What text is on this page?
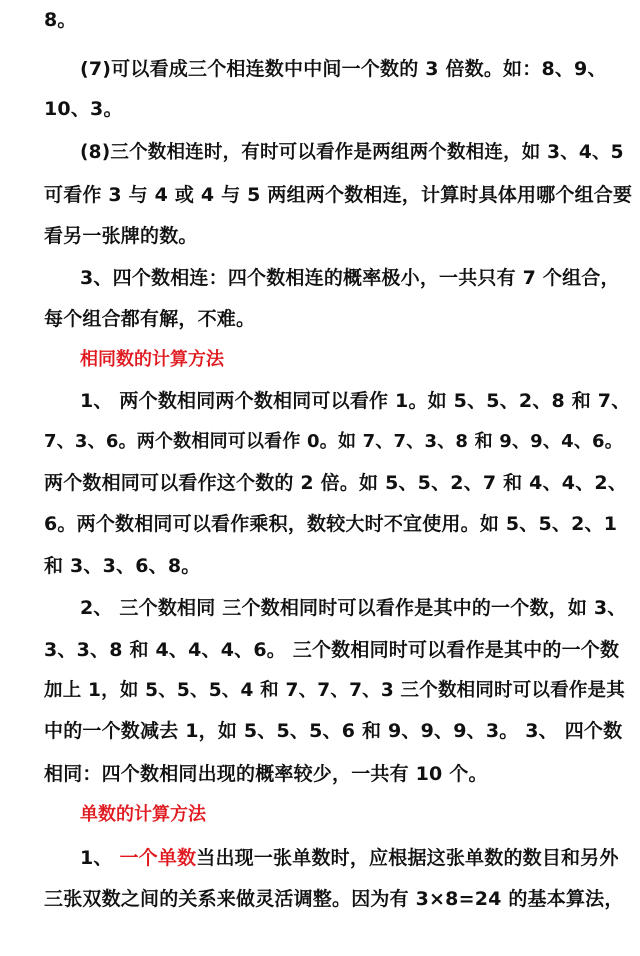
8。
(7)可以看成三个相连数中中间一个数的 3 倍数。如：8、9、
10、3。
(8)三个数相连时，有时可以看作是两组两个数相连，如 3、4、5
可看作 3 与 4 或 4 与 5 两组两个数相连，计算时具体用哪个组合要
看另一张牌的数。
3、四个数相连：四个数相连的概率极小，一共只有 7 个组合，
每个组合都有解，不难。
相同数的计算方法
1、 两个数相同两个数相同可以看作 1。如 5、5、2、8 和 7、
7、3、6。两个数相同可以看作 0。如 7、7、3、8 和 9、9、4、6。
两个数相同可以看作这个数的 2 倍。如 5、5、2、7 和 4、4、2、
6。两个数相同可以看作乘积，数较大时不宜使用。如 5、5、2、1
和 3、3、6、8。
2、 三个数相同 三个数相同时可以看作是其中的一个数，如 3、
3、3、8 和 4、4、4、6。 三个数相同时可以看作是其中的一个数
加上 1，如 5、5、5、4 和 7、7、7、3 三个数相同时可以看作是其
中的一个数减去 1，如 5、5、5、6 和 9、9、9、3。 3、 四个数
相同：四个数相同出现的概率较少，一共有 10 个。
单数的计算方法
1、 一个单数当出现一张单数时，应根据这张单数的数目和另外
三张双数之间的关系来做灵活调整。因为有 3×8=24 的基本算法，
